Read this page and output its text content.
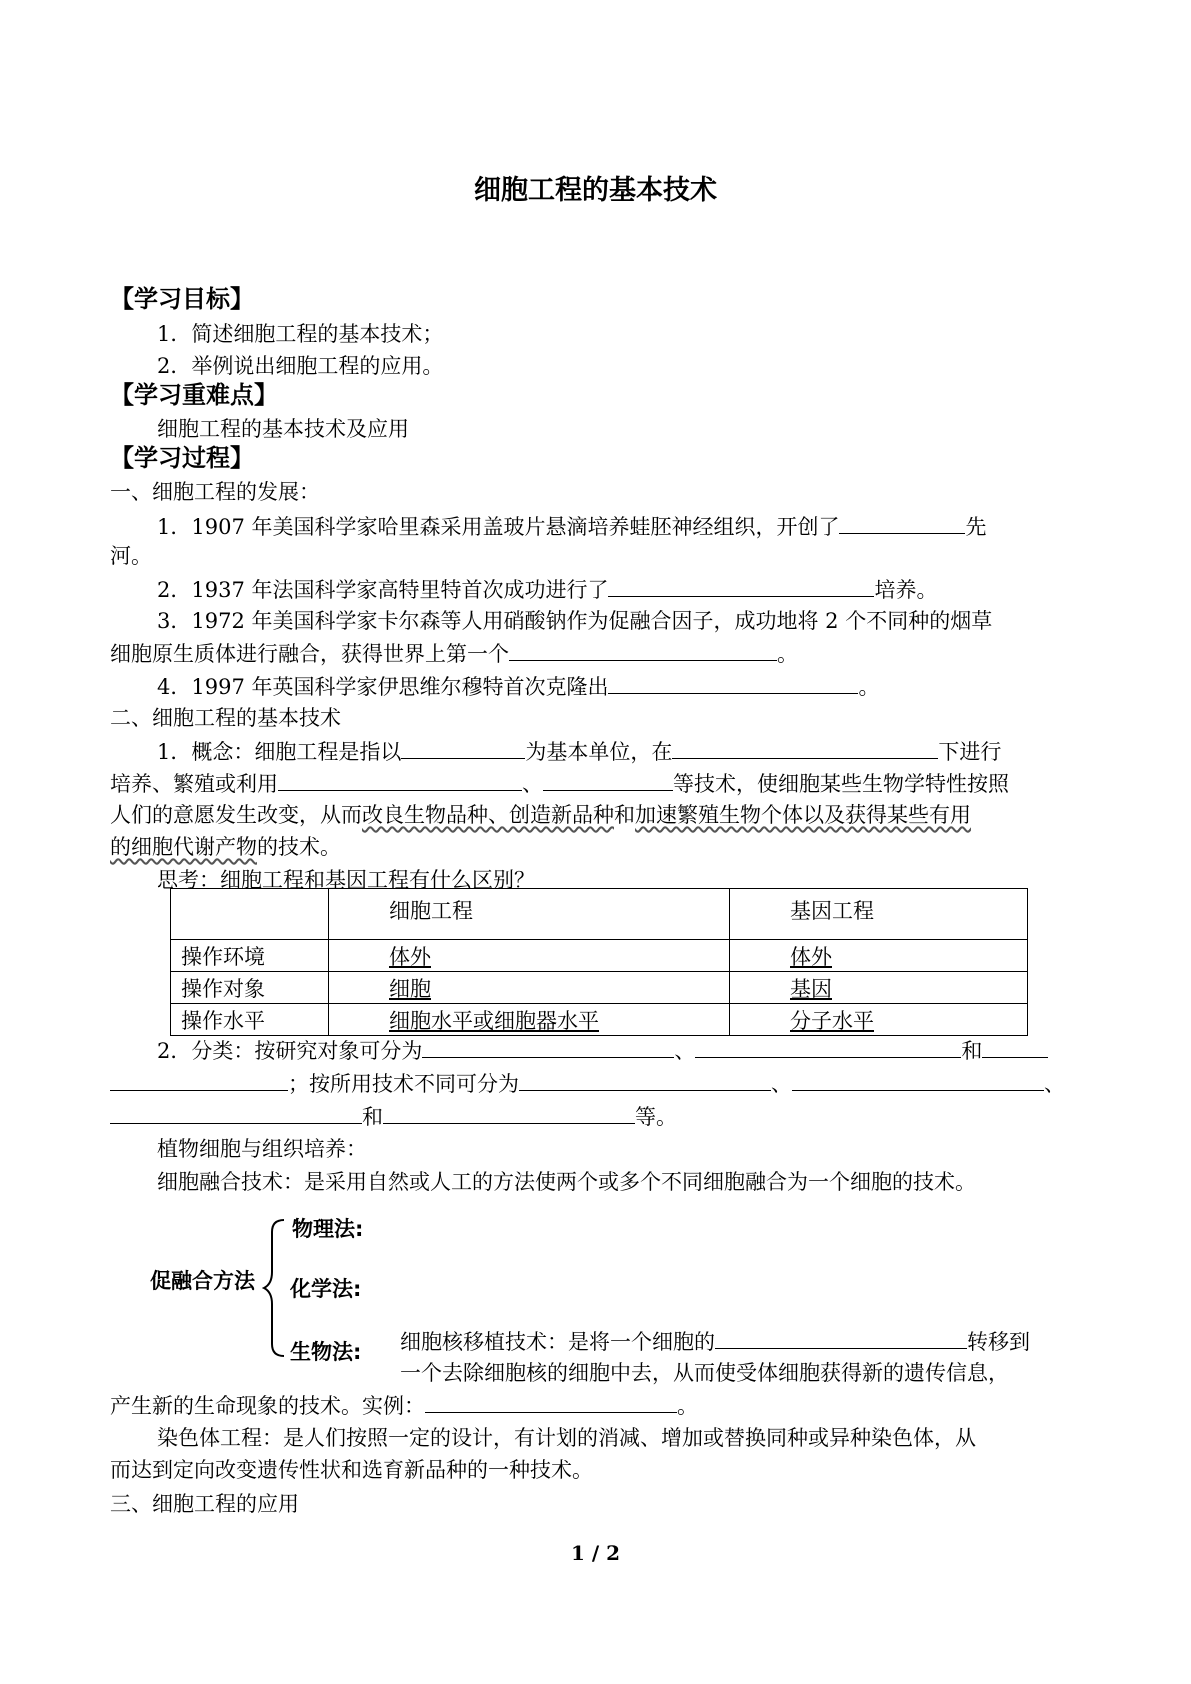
细胞工程的基本技术
【学习目标】
1．简述细胞工程的基本技术；
2．举例说出细胞工程的应用。
【学习重难点】
细胞工程的基本技术及应用
【学习过程】
一、细胞工程的发展：
1．1907 年美国科学家哈里森采用盖玻片悬滴培养蛙胚神经组织，开创了	先
河。
2．1937 年法国科学家高特里特首次成功进行了	培养。
3．1972 年美国科学家卡尔森等人用硝酸钠作为促融合因子，成功地将 2 个不同种的烟草
细胞原生质体进行融合，获得世界上第一个	。
4．1997 年英国科学家伊思维尔穆特首次克隆出	。
二、细胞工程的基本技术
1．概念：细胞工程是指以	为基本单位，在	下进行
培养、繁殖或利用	、	等技术，使细胞某些生物学特性按照
人们的意愿发生改变，从而改良生物品种、创造新品种和加速繁殖生物个体以及获得某些有用
的细胞代谢产物的技术。
思考：细胞工程和基因工程有什么区别？
	细胞工程	基因工程
操作环境	体外	体外
操作对象	细胞	基因
操作水平	细胞水平或细胞器水平	分子水平
2．分类：按研究对象可分为	、	和
；按所用技术不同可分为	、	、
和	等。
植物细胞与组织培养：
细胞融合技术：是采用自然或人工的方法使两个或多个不同细胞融合为一个细胞的技术。
促融合方法
物理法:
化学法:
生物法: 细胞核移植技术：是将一个细胞的	转移到
一个去除细胞核的细胞中去，从而使受体细胞获得新的遗传信息，
产生新的生命现象的技术。实例：	。
染色体工程：是人们按照一定的设计，有计划的消减、增加或替换同种或异种染色体，从
而达到定向改变遗传性状和选育新品种的一种技术。
三、细胞工程的应用
1 / 2
